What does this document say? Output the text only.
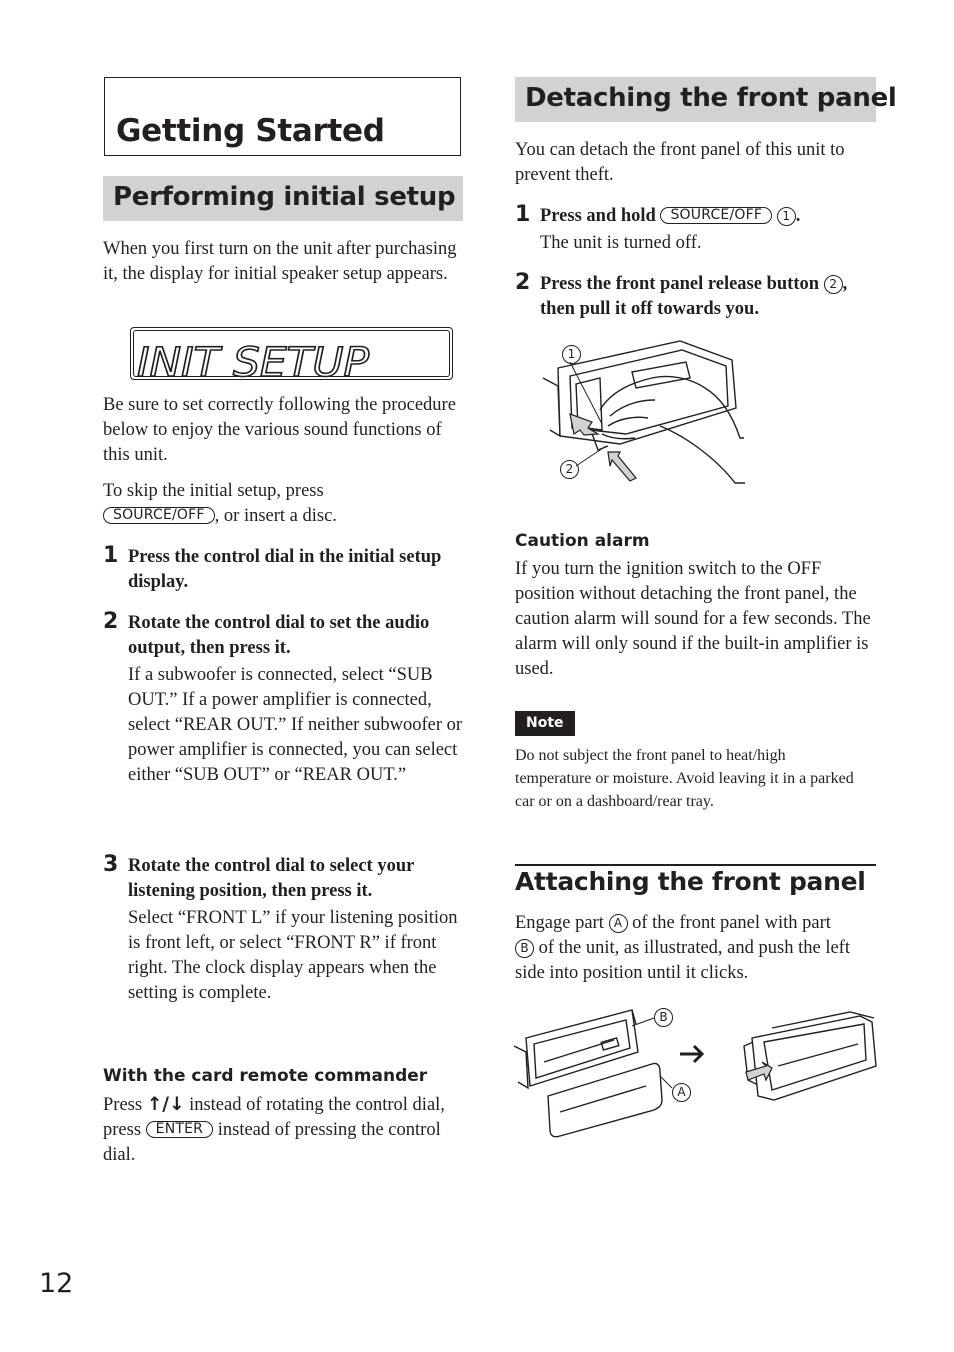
Getting Started
Performing initial setup
When you first turn on the unit after purchasing it, the display for initial speaker setup appears.
INIT SETUP
Be sure to set correctly following the procedure below to enjoy the various sound functions of this unit.
To skip the initial setup, press
SOURCE/OFF , or insert a disc.
1 Press the control dial in the initial setup display.
2 Rotate the control dial to set the audio output, then press it.
If a subwoofer is connected, select “SUB OUT.” If a power amplifier is connected, select “REAR OUT.” If neither subwoofer or power amplifier is connected, you can select either “SUB OUT” or “REAR OUT.”
3 Rotate the control dial to select your listening position, then press it.
Select “FRONT L” if your listening position is front left, or select “FRONT R” if front right. The clock display appears when the setting is complete.
With the card remote commander
Press ↑/↓ instead of rotating the control dial, press ENTER instead of pressing the control dial.
Detaching the front panel
You can detach the front panel of this unit to prevent theft.
1 Press and hold SOURCE/OFF 1 .
The unit is turned off.
2 Press the front panel release button 2 , then pull it off towards you.
1
2
Caution alarm
If you turn the ignition switch to the OFF position without detaching the front panel, the caution alarm will sound for a few seconds. The alarm will only sound if the built-in amplifier is used.
Note
Do not subject the front panel to heat/high temperature or moisture. Avoid leaving it in a parked car or on a dashboard/rear tray.
Attaching the front panel
Engage part A of the front panel with part
B of the unit, as illustrated, and push the left side into position until it clicks.
B
A
12
